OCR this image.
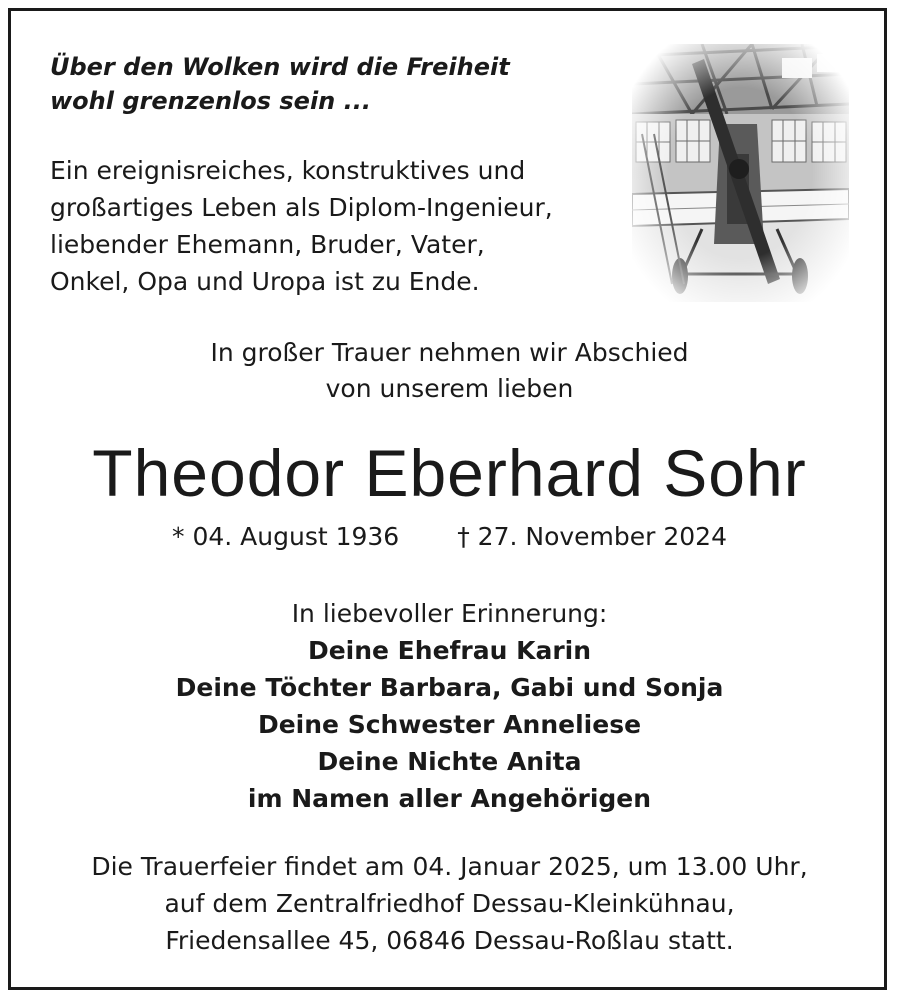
Über den Wolken wird die Freiheit
wohl grenzenlos sein ...
Ein ereignisreiches, konstruktives und
großartiges Leben als Diplom-Ingenieur,
liebender Ehemann, Bruder, Vater,
Onkel, Opa und Uropa ist zu Ende.
In großer Trauer nehmen wir Abschied
von unserem lieben
Theodor Eberhard Sohr
* 04. August 1936 † 27. November 2024
In liebevoller Erinnerung:
Deine Ehefrau Karin
Deine Töchter Barbara, Gabi und Sonja
Deine Schwester Anneliese
Deine Nichte Anita
im Namen aller Angehörigen
Die Trauerfeier findet am 04. Januar 2025, um 13.00 Uhr,
auf dem Zentralfriedhof Dessau-Kleinkühnau,
Friedensallee 45, 06846 Dessau-Roßlau statt.
